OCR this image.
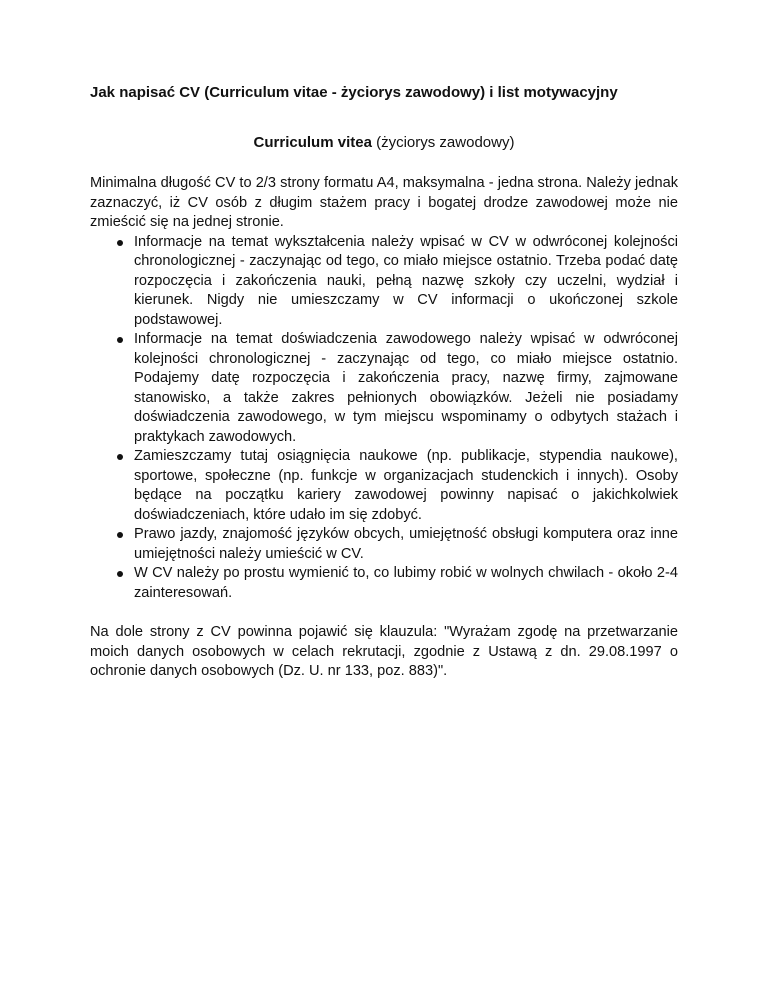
Jak napisać CV (Curriculum vitae - życiorys zawodowy) i list motywacyjny

Curriculum vitea (życiorys zawodowy)

Minimalna długość CV to 2/3 strony formatu A4, maksymalna - jedna strona. Należy jednak zaznaczyć, iż CV osób z długim stażem pracy i bogatej drodze zawodowej może nie zmieścić się na jednej stronie.

Informacje na temat wykształcenia należy wpisać w CV w odwróconej kolejności chronologicznej - zaczynając od tego, co miało miejsce ostatnio. Trzeba podać datę rozpoczęcia i zakończenia nauki, pełną nazwę szkoły czy uczelni, wydział i kierunek. Nigdy nie umieszczamy w CV informacji o ukończonej szkole podstawowej.
Informacje na temat doświadczenia zawodowego należy wpisać w odwróconej kolejności chronologicznej - zaczynając od tego, co miało miejsce ostatnio. Podajemy datę rozpoczęcia i zakończenia pracy, nazwę firmy, zajmowane stanowisko, a także zakres pełnionych obowiązków. Jeżeli nie posiadamy doświadczenia zawodowego, w tym miejscu wspominamy o odbytych stażach i praktykach zawodowych.
Zamieszczamy tutaj osiągnięcia naukowe (np. publikacje, stypendia naukowe), sportowe, społeczne (np. funkcje w organizacjach studenckich i innych). Osoby będące na początku kariery zawodowej powinny napisać o jakichkolwiek doświadczeniach, które udało im się zdobyć.
Prawo jazdy, znajomość języków obcych, umiejętność obsługi komputera oraz inne umiejętności należy umieścić w CV.
W CV należy po prostu wymienić to, co lubimy robić w wolnych chwilach - około 2-4 zainteresowań.

Na dole strony z CV powinna pojawić się klauzula: "Wyrażam zgodę na przetwarzanie moich danych osobowych w celach rekrutacji, zgodnie z Ustawą z dn. 29.08.1997 o ochronie danych osobowych (Dz. U. nr 133, poz. 883)".
